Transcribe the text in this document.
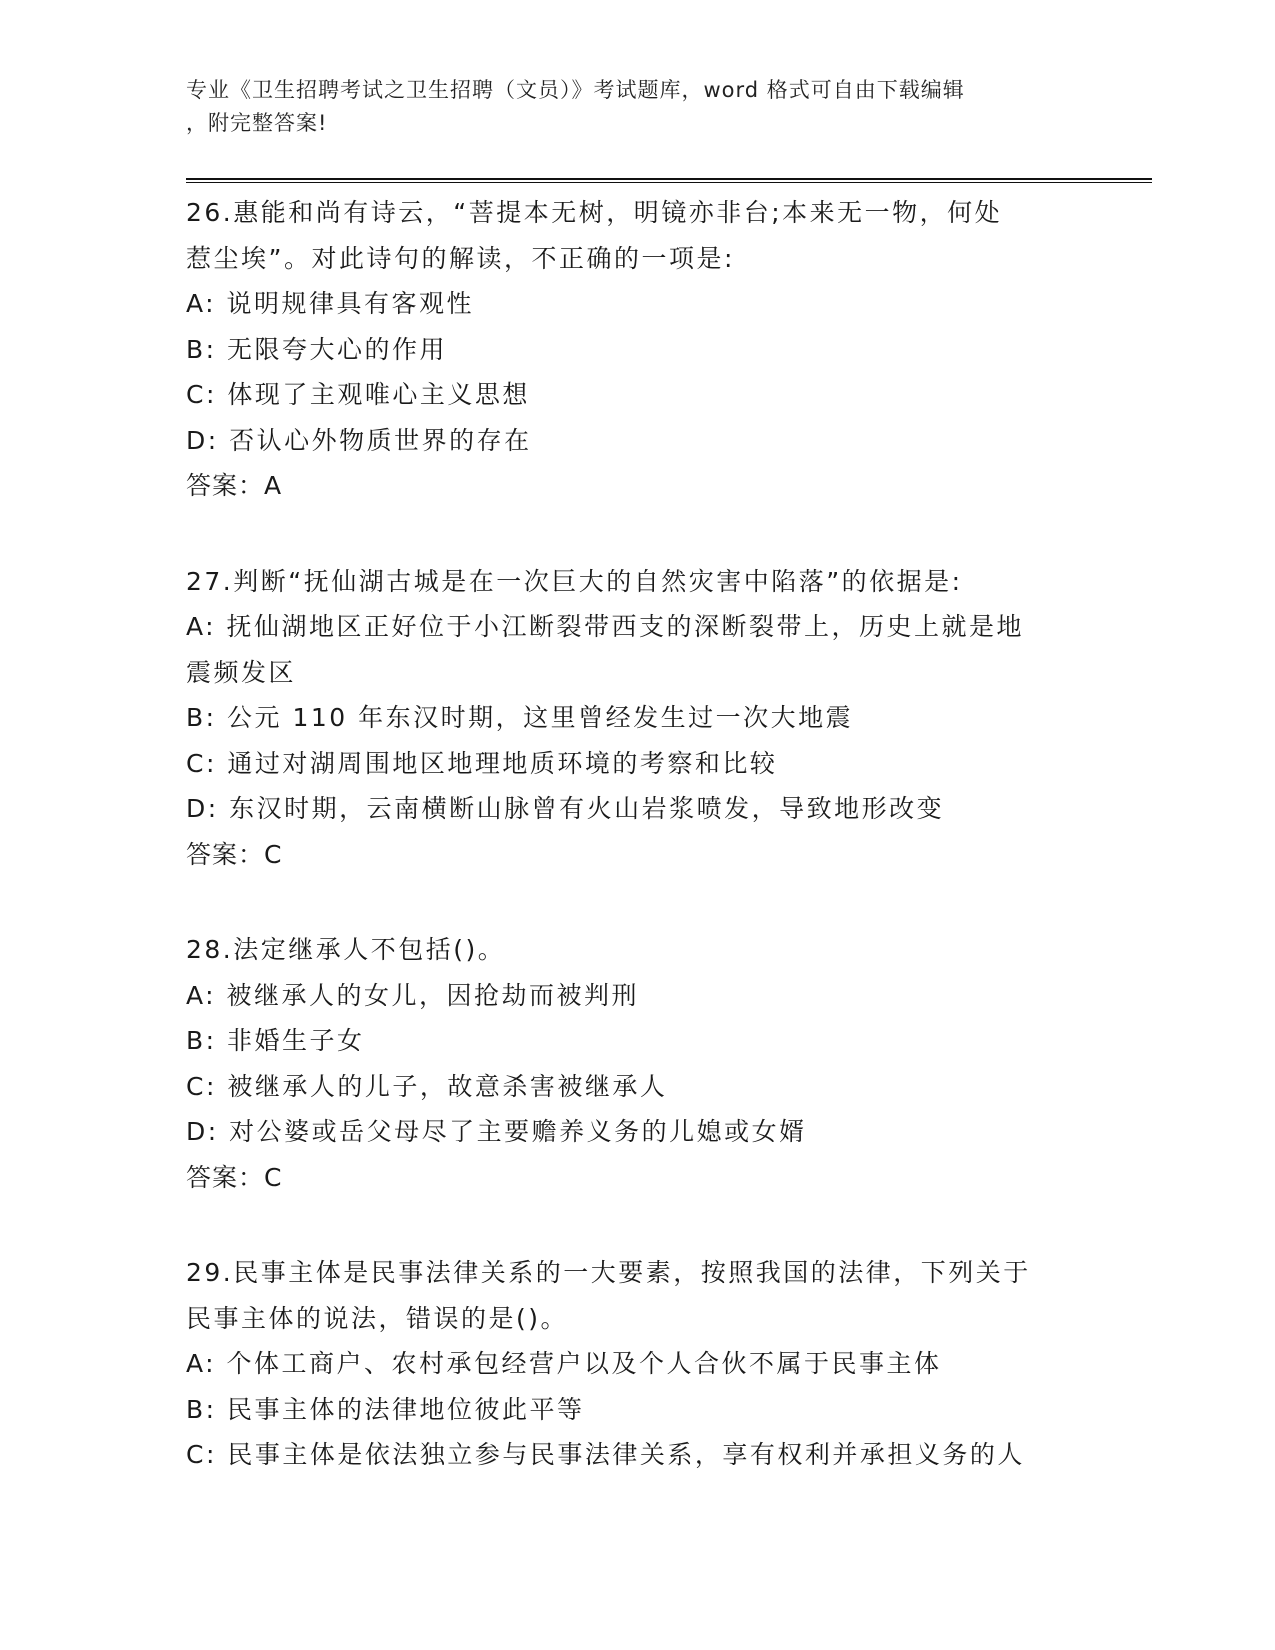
专业《卫生招聘考试之卫生招聘（文员）》考试题库，word 格式可自由下载编辑
，附完整答案!
26.惠能和尚有诗云，“菩提本无树，明镜亦非台;本来无一物，何处
惹尘埃”。对此诗句的解读，不正确的一项是:
A: 说明规律具有客观性
B: 无限夸大心的作用
C: 体现了主观唯心主义思想
D: 否认心外物质世界的存在
答案：A
27.判断“抚仙湖古城是在一次巨大的自然灾害中陷落”的依据是:
A: 抚仙湖地区正好位于小江断裂带西支的深断裂带上，历史上就是地
震频发区
B: 公元 110 年东汉时期，这里曾经发生过一次大地震
C: 通过对湖周围地区地理地质环境的考察和比较
D: 东汉时期，云南横断山脉曾有火山岩浆喷发，导致地形改变
答案：C
28.法定继承人不包括()。
A: 被继承人的女儿，因抢劫而被判刑
B: 非婚生子女
C: 被继承人的儿子，故意杀害被继承人
D: 对公婆或岳父母尽了主要赡养义务的儿媳或女婿
答案：C
29.民事主体是民事法律关系的一大要素，按照我国的法律，下列关于
民事主体的说法，错误的是()。
A: 个体工商户、农村承包经营户以及个人合伙不属于民事主体
B: 民事主体的法律地位彼此平等
C: 民事主体是依法独立参与民事法律关系，享有权利并承担义务的人
